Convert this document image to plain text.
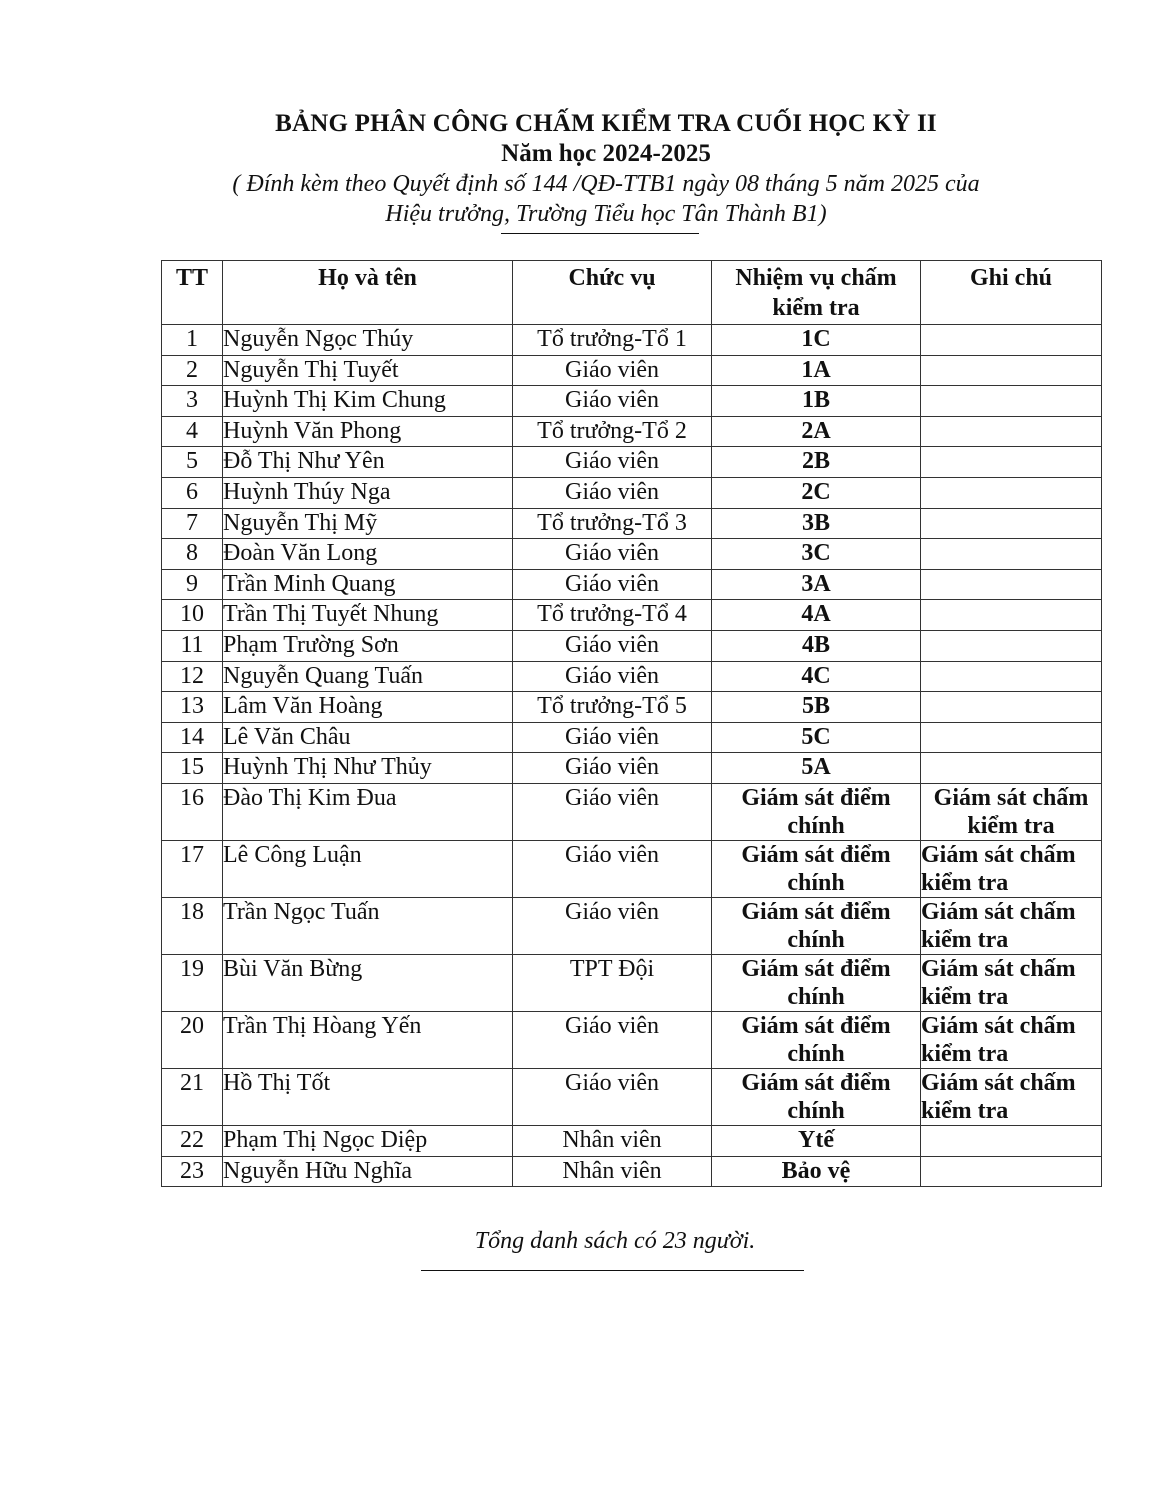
BẢNG PHÂN CÔNG CHẤM KIỂM TRA CUỐI HỌC KỲ II

Năm học 2024-2025

( Đính kèm theo Quyết định số 144 /QĐ-TTB1 ngày 08 tháng 5 năm 2025 của

Hiệu trưởng, Trường Tiểu học Tân Thành B1)

TT	Họ và tên	Chức vụ	Nhiệm vụ chấm kiểm tra	Ghi chú
1	Nguyễn Ngọc Thúy	Tổ trưởng-Tổ 1	1C	
2	Nguyễn Thị Tuyết	Giáo viên	1A	
3	Huỳnh Thị Kim Chung	Giáo viên	1B	
4	Huỳnh Văn Phong	Tổ trưởng-Tổ 2	2A	
5	Đỗ Thị Như Yên	Giáo viên	2B	
6	Huỳnh Thúy Nga	Giáo viên	2C	
7	Nguyễn Thị Mỹ	Tổ trưởng-Tổ 3	3B	
8	Đoàn Văn Long	Giáo viên	3C	
9	Trần Minh Quang	Giáo viên	3A	
10	Trần Thị Tuyết Nhung	Tổ trưởng-Tổ 4	4A	
11	Phạm Trường Sơn	Giáo viên	4B	
12	Nguyễn Quang Tuấn	Giáo viên	4C	
13	Lâm Văn Hoàng	Tổ trưởng-Tổ 5	5B	
14	Lê Văn Châu	Giáo viên	5C	
15	Huỳnh Thị Như Thủy	Giáo viên	5A	
16	Đào Thị Kim Đua	Giáo viên	Giám sát điểm chính	Giám sát chấm kiểm tra
17	Lê Công Luận	Giáo viên	Giám sát điểm chính	Giám sát chấm kiểm tra
18	Trần Ngọc Tuấn	Giáo viên	Giám sát điểm chính	Giám sát chấm kiểm tra
19	Bùi Văn Bừng	TPT Đội	Giám sát điểm chính	Giám sát chấm kiểm tra
20	Trần Thị Hòang Yến	Giáo viên	Giám sát điểm chính	Giám sát chấm kiểm tra
21	Hồ Thị Tốt	Giáo viên	Giám sát điểm chính	Giám sát chấm kiểm tra
22	Phạm Thị Ngọc Diệp	Nhân viên	Ytế	
23	Nguyễn Hữu Nghĩa	Nhân viên	Bảo vệ	
Tổng danh sách có 23 người.
